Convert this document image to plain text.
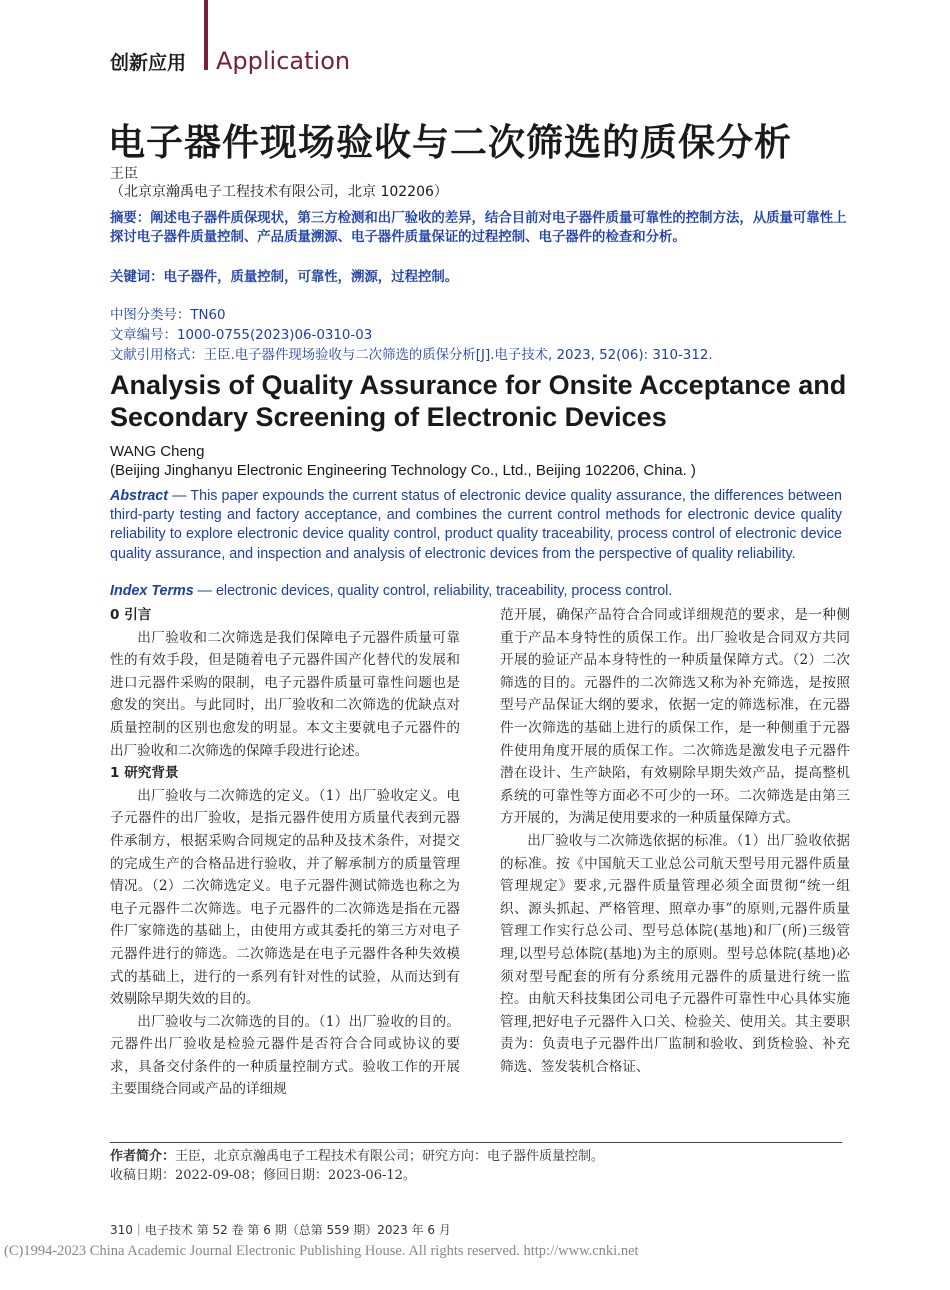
创新应用 Application
电子器件现场验收与二次筛选的质保分析
王臣
（北京京瀚禹电子工程技术有限公司，北京 102206）
摘要：阐述电子器件质保现状，第三方检测和出厂验收的差异，结合目前对电子器件质量可靠性的控制方法，从质量可靠性上探讨电子器件质量控制、产品质量溯源、电子器件质量保证的过程控制、电子器件的检查和分析。
关键词：电子器件，质量控制，可靠性，溯源，过程控制。
中图分类号：TN60
文章编号：1000-0755(2023)06-0310-03
文献引用格式：王臣.电子器件现场验收与二次筛选的质保分析[J].电子技术, 2023, 52(06): 310-312.
Analysis of Quality Assurance for Onsite Acceptance and Secondary Screening of Electronic Devices
WANG Cheng
(Beijing Jinghanyu Electronic Engineering Technology Co., Ltd., Beijing 102206, China. )
Abstract — This paper expounds the current status of electronic device quality assurance, the differences between third-party testing and factory acceptance, and combines the current control methods for electronic device quality reliability to explore electronic device quality control, product quality traceability, process control of electronic device quality assurance, and inspection and analysis of electronic devices from the perspective of quality reliability.
Index Terms — electronic devices, quality control, reliability, traceability, process control.
0 引言

出厂验收和二次筛选是我们保障电子元器件质量可靠性的有效手段，但是随着电子元器件国产化替代的发展和进口元器件采购的限制，电子元器件质量可靠性问题也是愈发的突出。与此同时，出厂验收和二次筛选的优缺点对质量控制的区别也愈发的明显。本文主要就电子元器件的出厂验收和二次筛选的保障手段进行论述。

1 研究背景

出厂验收与二次筛选的定义。（1）出厂验收定义。电子元器件的出厂验收，是指元器件使用方质量代表到元器件承制方，根据采购合同规定的品种及技术条件，对提交的完成生产的合格品进行验收，并了解承制方的质量管理情况。（2）二次筛选定义。电子元器件测试筛选也称之为电子元器件二次筛选。电子元器件的二次筛选是指在元器件厂家筛选的基础上，由使用方或其委托的第三方对电子元器件进行的筛选。二次筛选是在电子元器件各种失效模式的基础上，进行的一系列有针对性的试验，从而达到有效剔除早期失效的目的。

出厂验收与二次筛选的目的。（1）出厂验收的目的。元器件出厂验收是检验元器件是否符合合同或协议的要求，具备交付条件的一种质量控制方式。验收工作的开展主要围绕合同或产品的详细规

范开展，确保产品符合合同或详细规范的要求，是一种侧重于产品本身特性的质保工作。出厂验收是合同双方共同开展的验证产品本身特性的一种质量保障方式。（2）二次筛选的目的。元器件的二次筛选又称为补充筛选，是按照型号产品保证大纲的要求，依据一定的筛选标准，在元器件一次筛选的基础上进行的质保工作，是一种侧重于元器件使用角度开展的质保工作。二次筛选是激发电子元器件潜在设计、生产缺陷，有效剔除早期失效产品，提高整机系统的可靠性等方面必不可少的一环。二次筛选是由第三方开展的，为满足使用要求的一种质量保障方式。

出厂验收与二次筛选依据的标准。（1）出厂验收依据的标准。按《中国航天工业总公司航天型号用元器件质量管理规定》要求,元器件质量管理必须全面贯彻“统一组织、源头抓起、严格管理、照章办事”的原则,元器件质量管理工作实行总公司、型号总体院(基地)和厂(所)三级管理,以型号总体院(基地)为主的原则。型号总体院(基地)必须对型号配套的所有分系统用元器件的质量进行统一监控。由航天科技集团公司电子元器件可靠性中心具体实施管理,把好电子元器件入口关、检验关、使用关。其主要职责为：负责电子元器件出厂监制和验收、到货检验、补充筛选、签发装机合格证、

作者简介：王臣，北京京瀚禹电子工程技术有限公司；研究方向：电子器件质量控制。
收稿日期：2022-09-08；修回日期：2023-06-12。
310｜电子技术 第 52 卷 第 6 期（总第 559 期）2023 年 6 月
(C)1994-2023 China Academic Journal Electronic Publishing House. All rights reserved. http://www.cnki.net
